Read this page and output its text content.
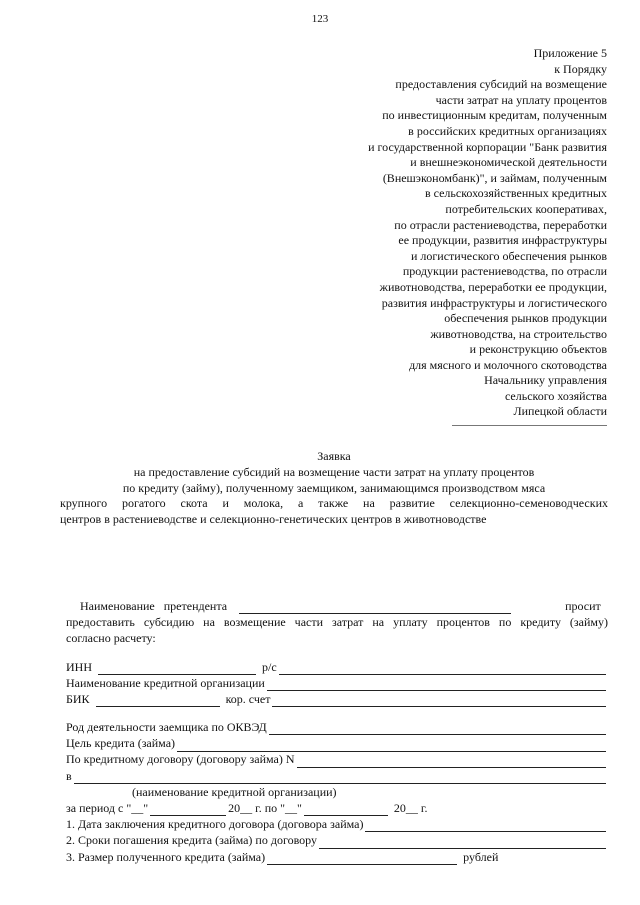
123
Приложение 5
к Порядку
предоставления субсидий на возмещение
части затрат на уплату процентов
по инвестиционным кредитам, полученным
в российских кредитных организациях
и государственной корпорации "Банк развития
и внешнеэкономической деятельности
(Внешэкономбанк)", и займам, полученным
в сельскохозяйственных кредитных
потребительских кооперативах,
по отрасли растениеводства, переработки
ее продукции, развития инфраструктуры
и логистического обеспечения рынков
продукции растениеводства, по отрасли
животноводства, переработки ее продукции,
развития инфраструктуры и логистического
обеспечения рынков продукции
животноводства, на строительство
и реконструкцию объектов
для мясного и молочного скотоводства
Начальнику управления
сельского хозяйства
Липецкой области
Заявка
на предоставление субсидий на возмещение части затрат на уплату процентов
по кредиту (займу), полученному заемщиком, занимающимся производством мяса
крупного рогатого скота и молока, а также на развитие селекционно-семеноводческих
центров в растениеводстве и селекционно-генетических центров в животноводстве
Наименование претендента	просит
предоставить субсидию на возмещение части затрат на уплату процентов по кредиту (займу)
согласно расчету:
ИНН	р/с
Наименование кредитной организации
БИК	кор. счет
Род деятельности заемщика по ОКВЭД
Цель кредита (займа)
По кредитному договору (договору займа) N
в
(наименование кредитной организации)
за период с "__"	20__ г. по "__"	20__ г.
1. Дата заключения кредитного договора (договора займа)
2. Сроки погашения кредита (займа) по договору
3. Размер полученного кредита (займа)	рублей
